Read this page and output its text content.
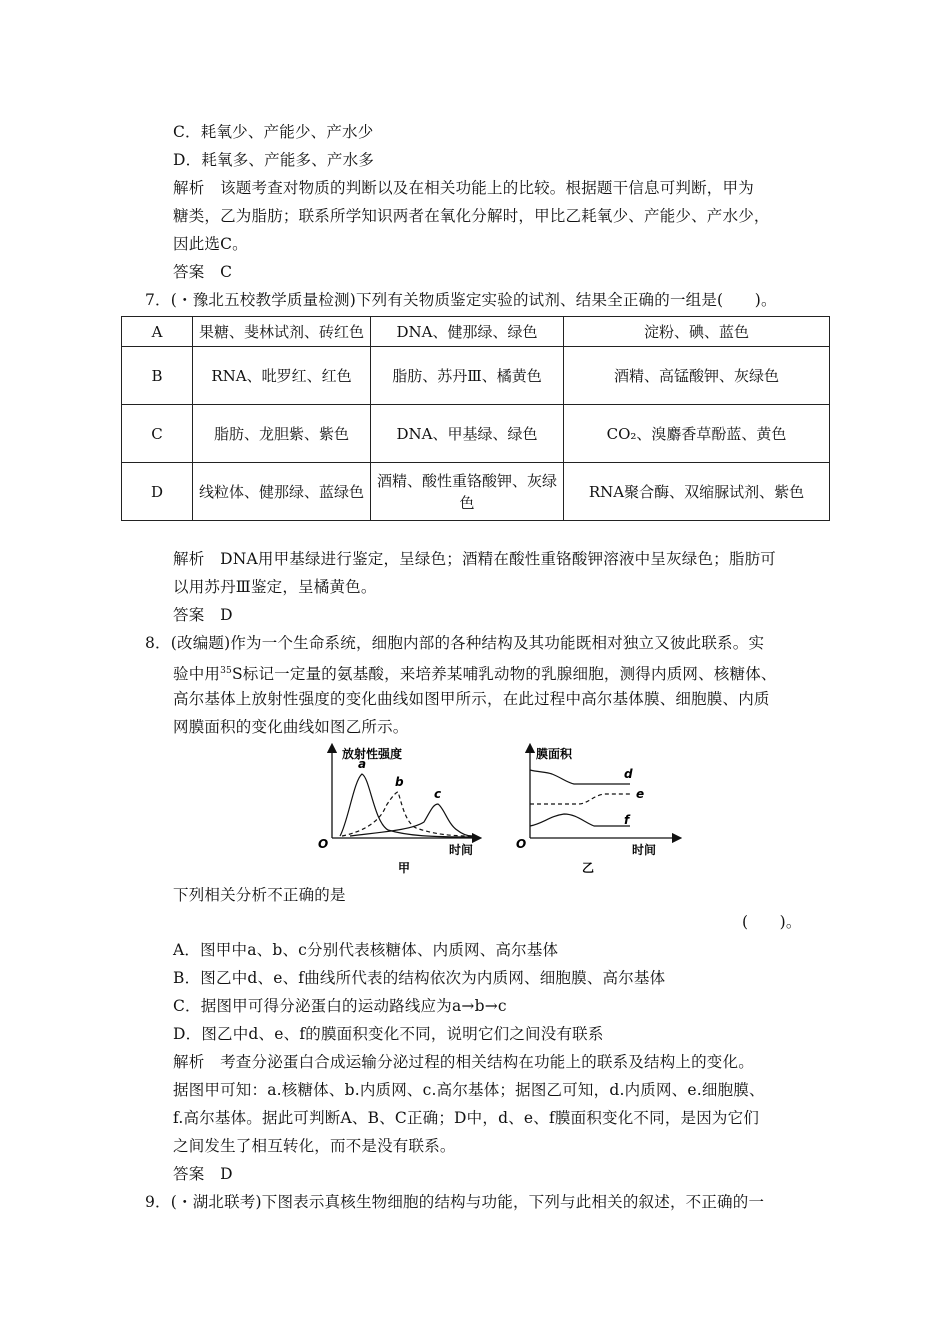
C．耗氧少、产能少、产水少
D．耗氧多、产能多、产水多
解析　该题考查对物质的判断以及在相关功能上的比较。根据题干信息可判断，甲为
糖类，乙为脂肪；联系所学知识两者在氧化分解时，甲比乙耗氧少、产能少、产水少，
因此选C。
答案　C
7．(・豫北五校教学质量检测)下列有关物质鉴定实验的试剂、结果全正确的一组是(　　)。
A	果糖、斐林试剂、砖红色	DNA、健那绿、绿色	淀粉、碘、蓝色
B	RNA、吡罗红、红色	脂肪、苏丹Ⅲ、橘黄色	酒精、高锰酸钾、灰绿色
C	脂肪、龙胆紫、紫色	DNA、甲基绿、绿色	CO₂、溴麝香草酚蓝、黄色
D	线粒体、健那绿、蓝绿色	酒精、酸性重铬酸钾、灰绿色	RNA聚合酶、双缩脲试剂、紫色
解析　DNA用甲基绿进行鉴定，呈绿色；酒精在酸性重铬酸钾溶液中呈灰绿色；脂肪可
以用苏丹Ⅲ鉴定，呈橘黄色。
答案　D
8．(改编题)作为一个生命系统，细胞内部的各种结构及其功能既相对独立又彼此联系。实
验中用$^{35}$S标记一定量的氨基酸，来培养某哺乳动物的乳腺细胞，测得内质网、核糖体、
高尔基体上放射性强度的变化曲线如图甲所示，在此过程中高尔基体膜、细胞膜、内质
网膜面积的变化曲线如图乙所示。
放射性强度
时间
O
a
b
c
甲
膜面积
时间
O
d
e
f
乙
下列相关分析不正确的是
(　　)。
A．图甲中a、b、c分别代表核糖体、内质网、高尔基体
B．图乙中d、e、f曲线所代表的结构依次为内质网、细胞膜、高尔基体
C．据图甲可得分泌蛋白的运动路线应为a→b→c
D．图乙中d、e、f的膜面积变化不同，说明它们之间没有联系
解析　考查分泌蛋白合成运输分泌过程的相关结构在功能上的联系及结构上的变化。
据图甲可知：a.核糖体、b.内质网、c.高尔基体；据图乙可知，d.内质网、e.细胞膜、
f.高尔基体。据此可判断A、B、C正确；D中，d、e、f膜面积变化不同，是因为它们
之间发生了相互转化，而不是没有联系。
答案　D
9．(・湖北联考)下图表示真核生物细胞的结构与功能，下列与此相关的叙述，不正确的一
